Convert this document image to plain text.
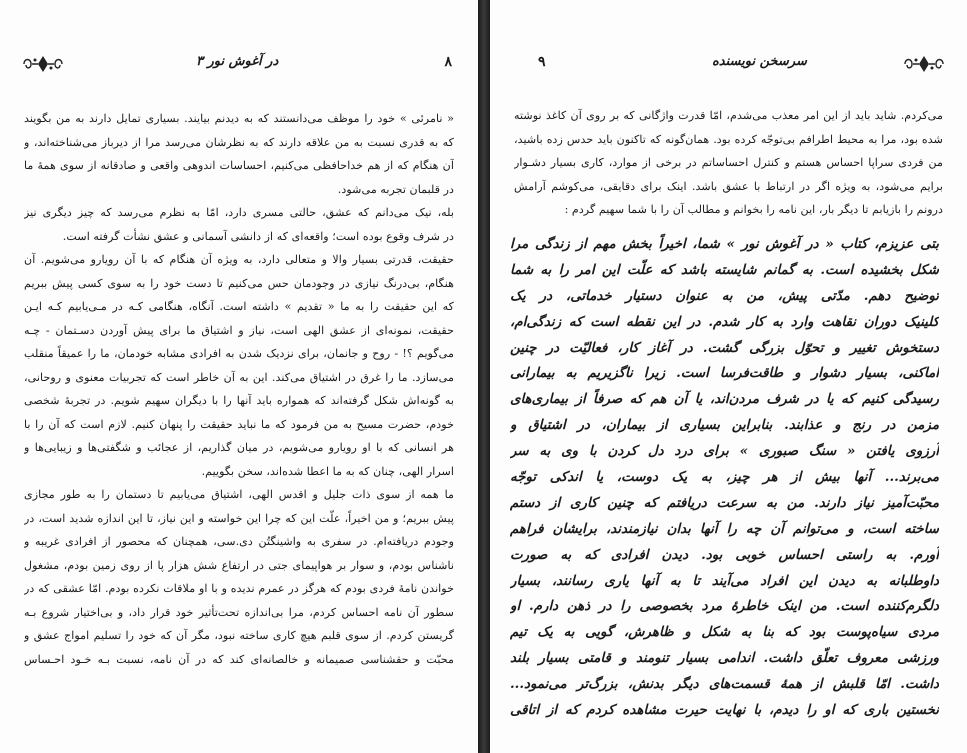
در آغوش نور ۳	۸
« نامرئی » خود را موظف می‌دانستند که به دیدنم بیایند. بسیاری تمایل دارند به من بگویند
که به قدری نسبت به من علاقه دارند که به نظرشان می‌رسد مرا از دیرباز می‌شناخته‌اند، و
آن هنگام که از هم خداحافظی می‌کنیم، احساسات اندوهی واقعی و صادقانه از سوی همهٔ ما
در قلبمان تجربه می‌شود.
بله، نیک می‌دانم که عشق، حالتی مسری دارد، امّا به نظرم می‌رسد که چیز دیگری نیز
در شرف وقوع بوده است؛ واقعه‌ای که از دانشی آسمانی و عشق نشأت گرفته است.
حقیقت، قدرتی بسیار والا و متعالی دارد، به ویژه آن هنگام که با آن رویارو می‌شویم. آن
هنگام، بی‌درنگ نیازی در وجودمان حس می‌کنیم تا دست خود را به سوی کسی پیش ببریم
که این حقیقت را به ما « تقدیم » داشته است. آنگاه، هنگامی کـه در مـی‌یابیم کـه ایـن
حقیقت، نمونه‌ای از عشق الهی است، نیاز و اشتیاق ما برای پیش آوردن دسـتمان - چـه
می‌گویم ؟! - روح و جانمان، برای نزدیک شدن به افرادی مشابه خودمان، ما را عمیقاً منقلب
می‌سازد. ما را غرق در اشتیاق می‌کند. این به آن خاطر است که تجربیات معنوی و روحانی،
به گونه‌اش شکل گرفته‌اند که همواره باید آنها را با دیگران سهیم شویم. در تجربهٔ شخصی
خودم، حضرت مسیح به من فرمود که ما نباید حقیقت را پنهان کنیم. لازم است که آن را با
هر انسانی که با او رویارو می‌شویم، در میان گذاریم، از عجائب و شگفتی‌ها و زیبایی‌ها و
اسرار الهی، چنان که به ما اعطا شده‌اند، سخن بگوییم.
ما همه از سوی ذات جلیل و اقدس الهی، اشتیاق می‌یابیم تا دستمان را به طور مجازی
پیش ببریم؛ و من اخیراً، علّت این که چرا این خواسته و این نیاز، تا این اندازه شدید است، در
وجودم دریافته‌ام. در سفری به واشینگتُن دی.سی، همچنان که محصور از افرادی غریبه و
ناشناس بودم، و سوار بر هواپیمای جتی در ارتفاع شش هزار پا از روی زمین بودم، مشغول
خواندن نامهٔ فردی بودم که هرگز در عمرم ندیده و با او ملاقات نکرده بودم. امّا عشقی که در
سطور آن نامه احساس کردم، مرا بی‌اندازه تحت‌تأثیر خود قرار داد، و بی‌اختیار شروع بـه
گریستن کردم. از سوی قلبم هیچ کاری ساخته نبود، مگر آن که خود را تسلیم امواج عشق و
محبّت و حقشناسی صمیمانه و خالصانه‌ای کند که در آن نامه، نسبت بـه خـود احـساس
۹	سرسخن نویسنده
می‌کردم. شاید باید از این امر معذب می‌شدم، امّا قدرت واژگانی که بر روی آن کاغذ نوشته
شده بود، مرا به محیط اطرافم بی‌توجّه کرده بود. همان‌گونه که تاکنون باید حدس زده باشید،
من فردی سراپا احساس هستم و کنترل احساساتم در برخی از موارد، کاری بسیار دشـوار
برایم می‌شود، به ویژه اگر در ارتباط با عشق باشد. اینک برای دقایقی، می‌کوشم آرامش
درونم را بازیابم تا دیگر بار، این نامه را بخوانم و مطالب آن را با شما سهیم گردم :
بتی عزیزم، کتاب « در آغوش نور » شما، اخیراً بخش مهم از زندگی مرا
شکل بخشیده است. به گمانم شایسته باشد که علّت این امر را به شما
توضیح دهم. مدّتی پیش، من به عنوان دستیار خدماتی، در یک
کلینیک دوران نقاهت وارد به کار شدم. در این نقطه است که زندگی‌ام،
دستخوش تغییر و تحوّل بزرگی گشت. در آغاز کار، فعالیّت در چنین
اماکنی، بسیار دشوار و طاقت‌فرسا است. زیرا ناگزیریم به بیمارانی
رسیدگی کنیم که یا در شرف مردن‌اند، یا آن هم که صرفاً از بیماری‌های
مزمن در رنج و عذابند. بنابراین بسیاری از بیماران، در اشتیاق و
آرزوی یافتن « سنگ صبوری » برای درد دل کردن با وی به سر
می‌برند... آنها بیش از هر چیز، به یک دوست، یا اندکی توجّه
محبّت‌آمیز نیاز دارند. من به سرعت دریافتم که چنین کاری از دستم
ساخته است، و می‌توانم آن چه را آنها بدان نیازمندند، برایشان فراهم
آورم. به راستی احساس خوبی بود. دیدن افرادی که به صورت
داوطلبانه به دیدن این افراد می‌آیند تا به آنها یاری رسانند، بسیار
دلگرم‌کننده است. من اینک خاطرهٔ مرد بخصوصی را در ذهن دارم. او
مردی سیاه‌پوست بود که بنا به شکل و ظاهرش، گویی به یک تیم
ورزشی معروف تعلّق داشت. اندامی بسیار تنومند و قامتی بسیار بلند
داشت. امّا قلبش از همهٔ قسمت‌های دیگر بدنش، بزرگ‌تر می‌نمود...
نخستین باری که او را دیدم، با نهایت حیرت مشاهده کردم که از اتاقی
